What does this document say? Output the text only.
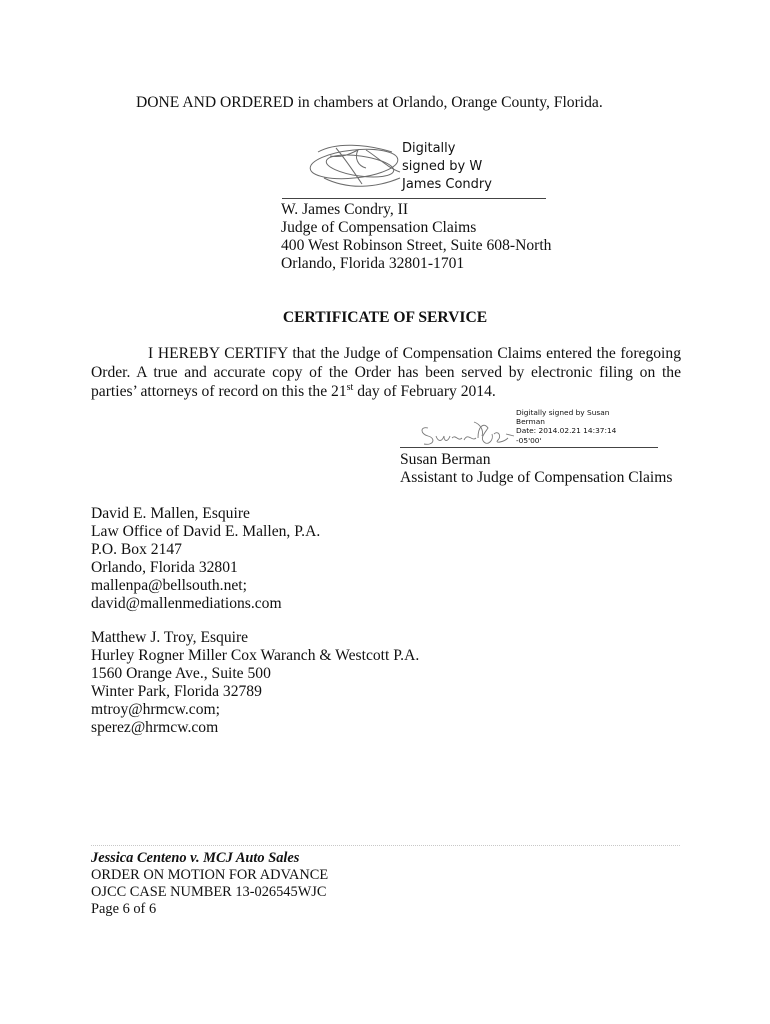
DONE AND ORDERED in chambers at Orlando, Orange County, Florida.
Digitally
signed by W
James Condry
W. James Condry, II
Judge of Compensation Claims
400 West Robinson Street, Suite 608-North
Orlando, Florida 32801-1701
CERTIFICATE OF SERVICE
I HEREBY CERTIFY that the Judge of Compensation Claims entered the foregoing Order. A true and accurate copy of the Order has been served by electronic filing on the parties’ attorneys of record on this the 21st day of February 2014.
Digitally signed by Susan
Berman
Date: 2014.02.21 14:37:14
-05'00'
Susan Berman
Assistant to Judge of Compensation Claims
David E. Mallen, Esquire
Law Office of David E. Mallen, P.A.
P.O. Box 2147
Orlando, Florida 32801
mallenpa@bellsouth.net;
david@mallenmediations.com
Matthew J. Troy, Esquire
Hurley Rogner Miller Cox Waranch & Westcott P.A.
1560 Orange Ave., Suite 500
Winter Park, Florida 32789
mtroy@hrmcw.com;
sperez@hrmcw.com
Jessica Centeno v. MCJ Auto Sales
ORDER ON MOTION FOR ADVANCE
OJCC CASE NUMBER 13-026545WJC
Page 6 of 6
